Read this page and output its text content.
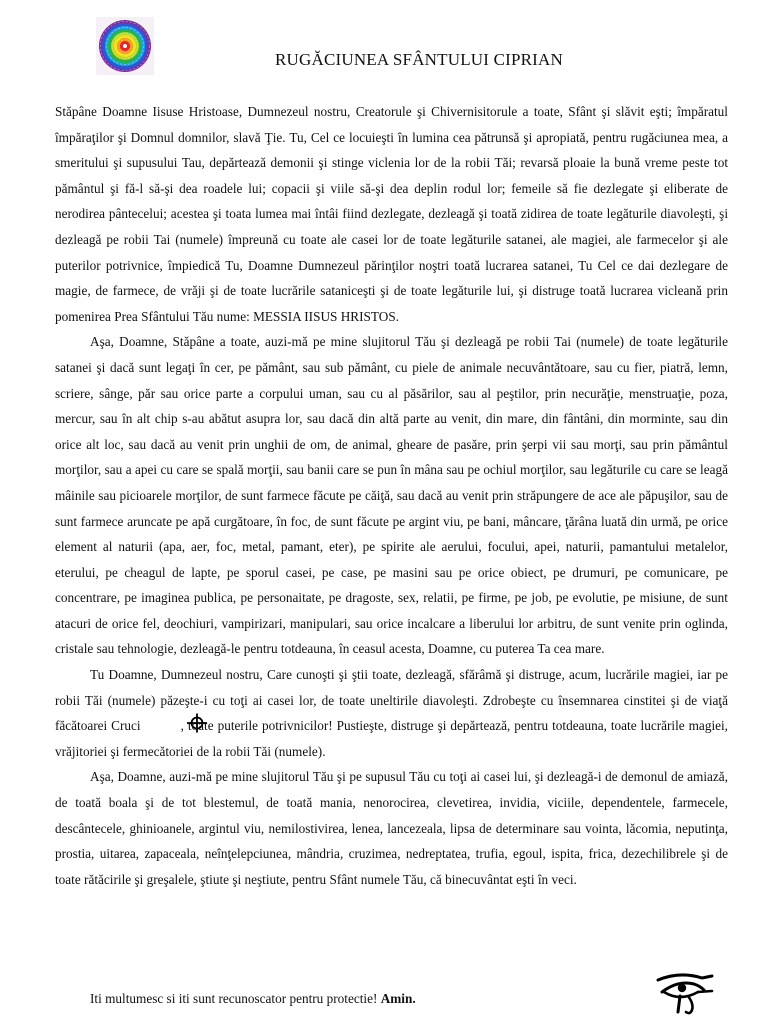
RUGĂCIUNEA SFÂNTULUI CIPRIAN

Stăpâne Doamne Iisuse Hristoase, Dumnezeul nostru, Creatorule şi Chivernisitorule a toate, Sfânt şi slăvit eşti; împăratul împăraţilor şi Domnul domnilor, slavă Ţie. Tu, Cel ce locuieşti în lumina cea pătrunsă şi apropiată, pentru rugăciunea mea, a smeritului şi supusului Tau, depărtează demonii şi stinge viclenia lor de la robii Tăi; revarsă ploaie la bună vreme peste tot pământul şi fă-l să-şi dea roadele lui; copacii şi viile să-şi dea deplin rodul lor; femeile să fie dezlegate şi eliberate de nerodirea pântecelui; acestea şi toata lumea mai întâi fiind dezlegate, dezleagă şi toată zidirea de toate legăturile diavoleşti, şi dezleagă pe robii Tai (numele) împreună cu toate ale casei lor de toate legăturile satanei, ale magiei, ale farmecelor şi ale puterilor potrivnice, împiedică Tu, Doamne Dumnezeul părinţilor noştri toată lucrarea satanei, Tu Cel ce dai dezlegare de magie, de farmece, de vrăji şi de toate lucrările sataniceşti şi de toate legăturile lui, şi distruge toată lucrarea vicleană prin pomenirea Prea Sfântului Tău nume: MESSIA IISUS HRISTOS.

Aşa, Doamne, Stăpâne a toate, auzi-mă pe mine slujitorul Tău şi dezleagă pe robii Tai (numele) de toate legăturile satanei şi dacă sunt legaţi în cer, pe pământ, sau sub pământ, cu piele de animale necuvântătoare, sau cu fier, piatră, lemn, scriere, sânge, păr sau orice parte a corpului uman, sau cu al păsărilor, sau al peştilor, prin necurăţie, menstruaţie, poza, mercur, sau în alt chip s-au abătut asupra lor, sau dacă din altă parte au venit, din mare, din fântâni, din morminte, sau din orice alt loc, sau dacă au venit prin unghii de om, de animal, gheare de pasăre, prin şerpi vii sau morţi, sau prin pământul morţilor, sau a apei cu care se spală morţii, sau banii care se pun în mâna sau pe ochiul morţilor, sau legăturile cu care se leagă mâinile sau picioarele morţilor, de sunt farmece făcute pe căiţă, sau dacă au venit prin străpungere de ace ale păpuşilor, sau de sunt farmece aruncate pe apă curgătoare, în foc, de sunt făcute pe argint viu, pe bani, mâncare, ţărâna luată din urmă, pe orice element al naturii (apa, aer, foc, metal, pamant, eter), pe spirite ale aerului, focului, apei, naturii, pamantului metalelor, eterului, pe cheagul de lapte, pe sporul casei, pe case, pe masini sau pe orice obiect, pe drumuri, pe comunicare, pe concentrare, pe imaginea publica, pe personaitate, pe dragoste, sex, relatii, pe firme, pe job, pe evolutie, pe misiune, de sunt atacuri de orice fel, deochiuri, vampirizari, manipulari, sau orice incalcare a liberului lor arbitru, de sunt venite prin oglinda, cristale sau tehnologie, dezleagă-le pentru totdeauna, în ceasul acesta, Doamne, cu puterea Ta cea mare.

Tu Doamne, Dumnezeul nostru, Care cunoşti şi ştii toate, dezleagă, sfărâmă şi distruge, acum, lucrările magiei, iar pe robii Tăi (numele) păzeşte-i cu toţi ai casei lor, de toate uneltirile diavoleşti. Zdrobeşte cu însemnarea cinstitei şi de viaţă făcătoarei Cruci	, toate puterile potrivnicilor! Pustieşte, distruge şi depărtează, pentru totdeauna, toate lucrările magiei, vrăjitoriei şi fermecătoriei de la robii Tăi (numele).

Aşa, Doamne, auzi-mă pe mine slujitorul Tău şi pe supusul Tău cu toţi ai casei lui, şi dezleagă-i de demonul de amiază, de toată boala şi de tot blestemul, de toată mania, nenorocirea, clevetirea, invidia, viciile, dependentele, farmecele, descântecele, ghinioanele, argintul viu, nemilostivirea, lenea, lancezeala, lipsa de determinare sau vointa, lăcomia, neputinţa, prostia, uitarea, zapaceala, neînţelepciunea, mândria, cruzimea, nedreptatea, trufia, egoul, ispita, frica, dezechilibrele şi de toate rătăcirile şi greşalele, ştiute şi neştiute, pentru Sfânt numele Tău, că binecuvântat eşti în veci.

Iti multumesc si iti sunt recunoscator pentru protectie! Amin.
